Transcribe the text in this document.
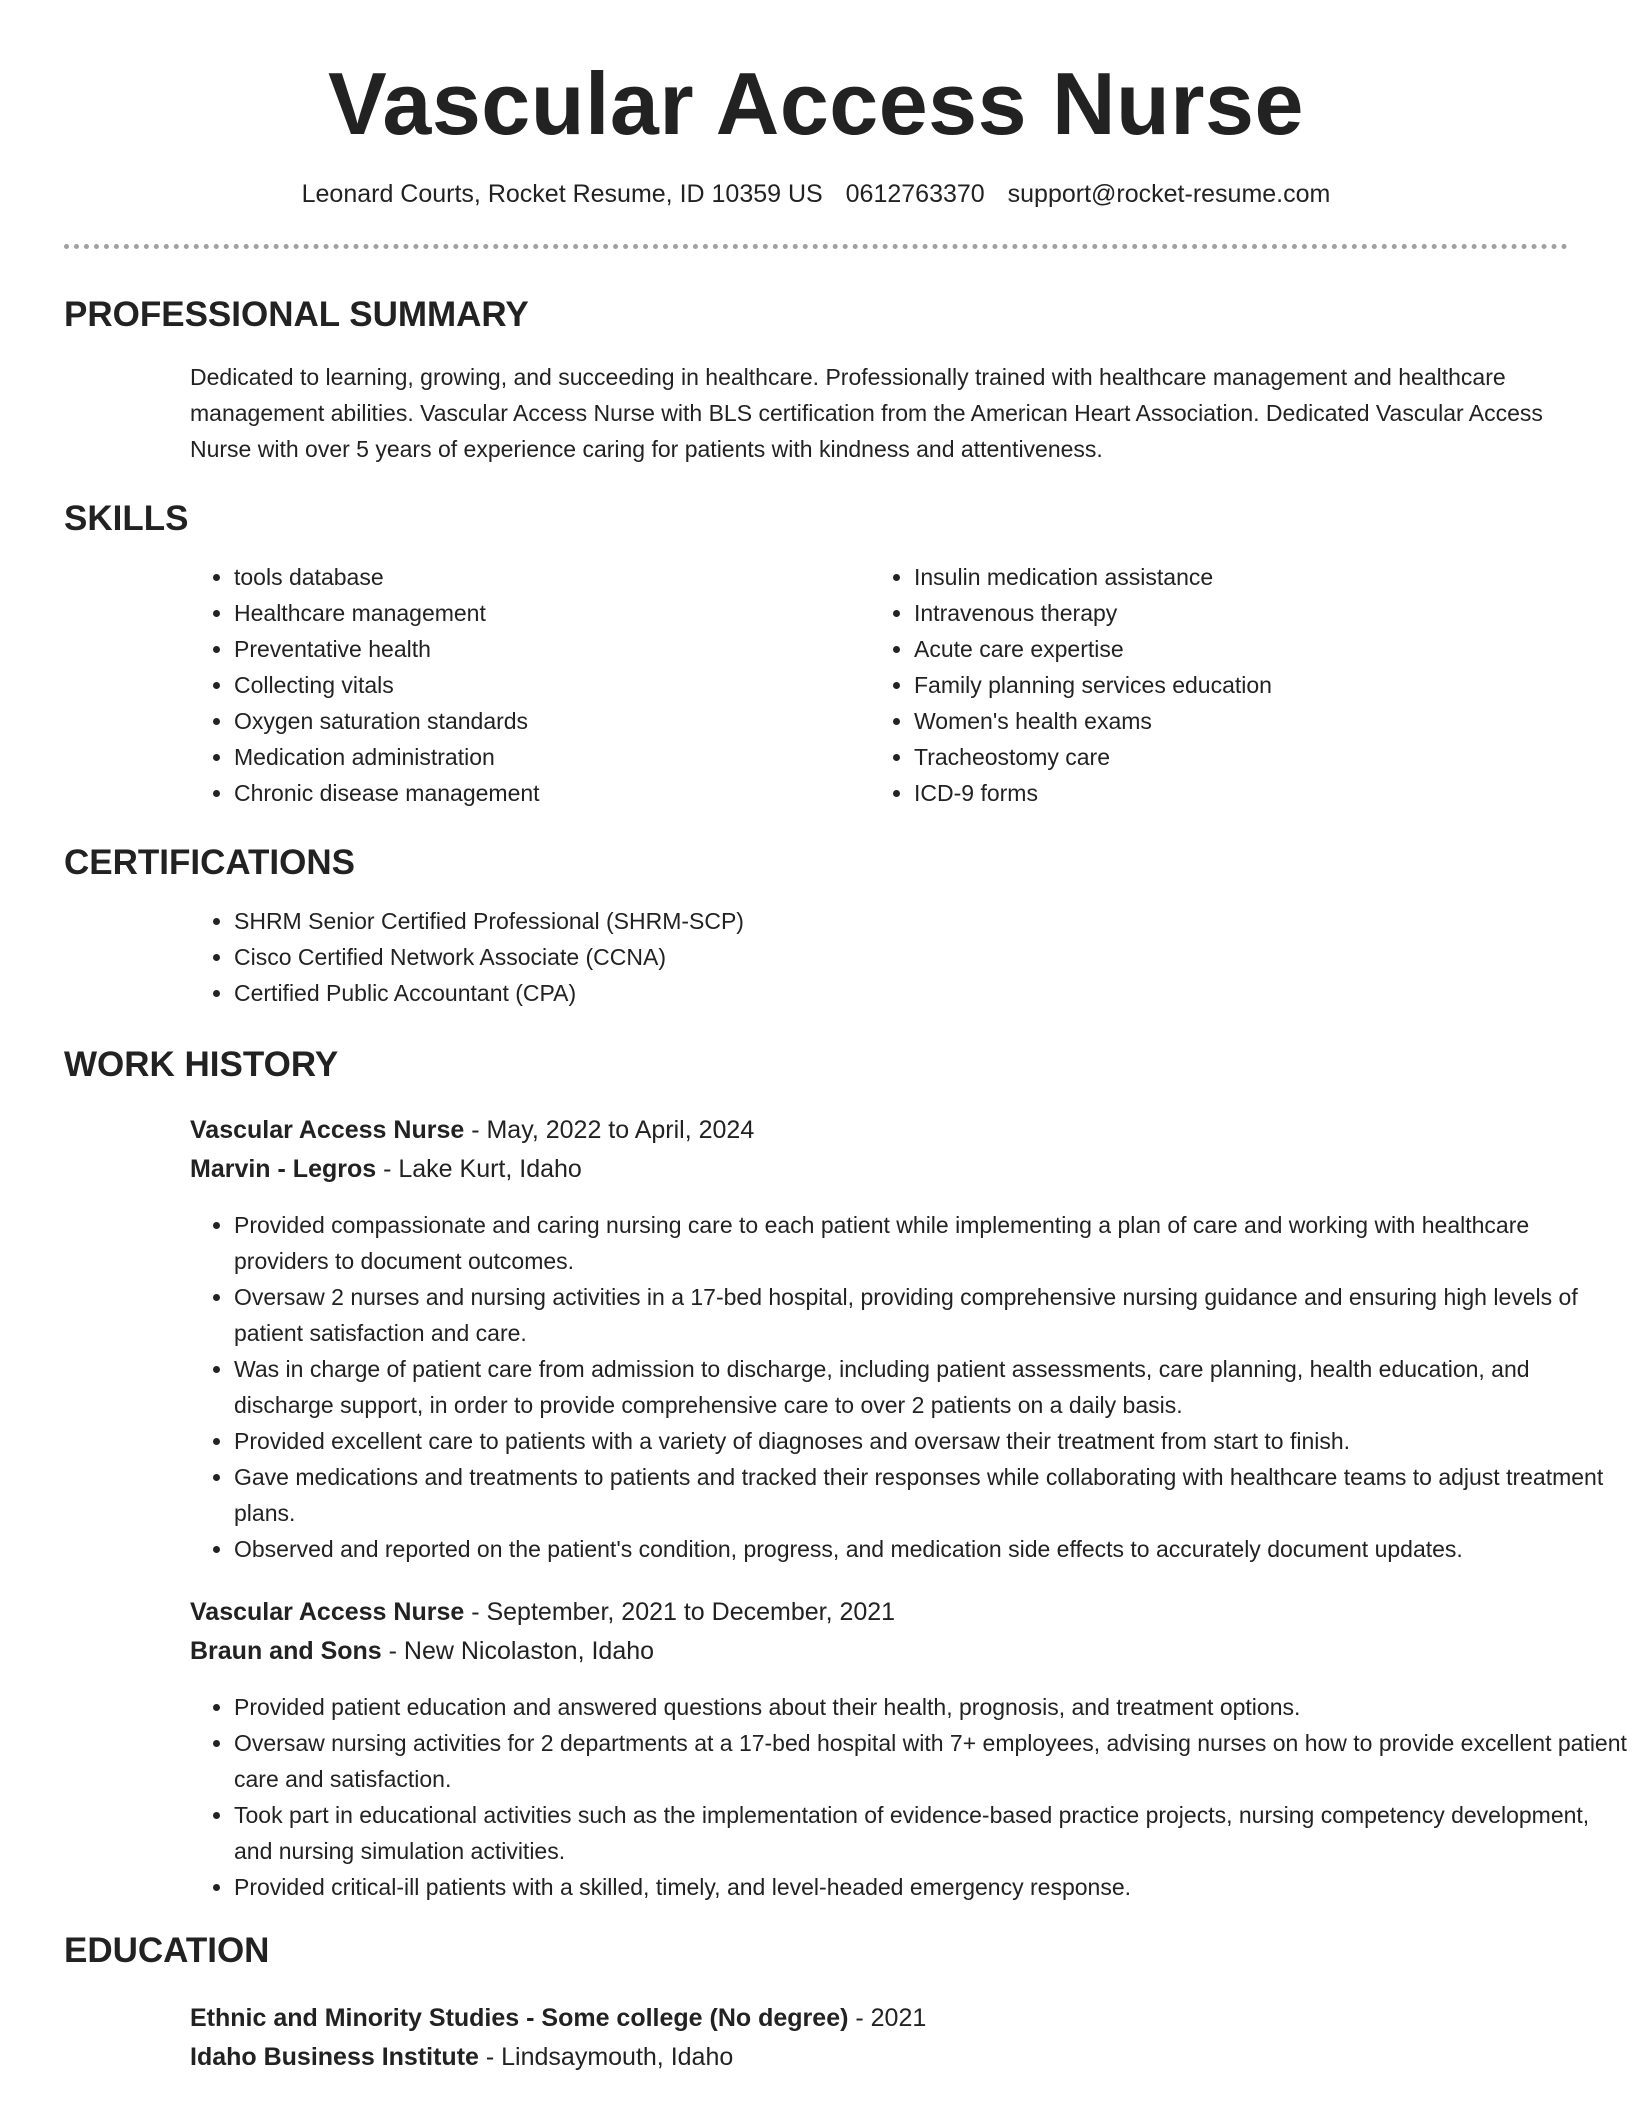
Vascular Access Nurse
Leonard Courts, Rocket Resume, ID 10359 US 0612763370 support@rocket-resume.com
PROFESSIONAL SUMMARY

Dedicated to learning, growing, and succeeding in healthcare. Professionally trained with healthcare management and healthcare management abilities. Vascular Access Nurse with BLS certification from the American Heart Association. Dedicated Vascular Access Nurse with over 5 years of experience caring for patients with kindness and attentiveness.

SKILLS
• tools database
• Healthcare management
• Preventative health
• Collecting vitals
• Oxygen saturation standards
• Medication administration
• Chronic disease management
• Insulin medication assistance
• Intravenous therapy
• Acute care expertise
• Family planning services education
• Women's health exams
• Tracheostomy care
• ICD-9 forms
CERTIFICATIONS
• SHRM Senior Certified Professional (SHRM-SCP)
• Cisco Certified Network Associate (CCNA)
• Certified Public Accountant (CPA)
WORK HISTORY
Vascular Access Nurse - May, 2022 to April, 2024
Marvin - Legros - Lake Kurt, Idaho
• Provided compassionate and caring nursing care to each patient while implementing a plan of care and working with healthcare providers to document outcomes.
• Oversaw 2 nurses and nursing activities in a 17-bed hospital, providing comprehensive nursing guidance and ensuring high levels of patient satisfaction and care.
• Was in charge of patient care from admission to discharge, including patient assessments, care planning, health education, and discharge support, in order to provide comprehensive care to over 2 patients on a daily basis.
• Provided excellent care to patients with a variety of diagnoses and oversaw their treatment from start to finish.
• Gave medications and treatments to patients and tracked their responses while collaborating with healthcare teams to adjust treatment plans.
• Observed and reported on the patient's condition, progress, and medication side effects to accurately document updates.
Vascular Access Nurse - September, 2021 to December, 2021
Braun and Sons - New Nicolaston, Idaho
• Provided patient education and answered questions about their health, prognosis, and treatment options.
• Oversaw nursing activities for 2 departments at a 17-bed hospital with 7+ employees, advising nurses on how to provide excellent patient care and satisfaction.
• Took part in educational activities such as the implementation of evidence-based practice projects, nursing competency development, and nursing simulation activities.
• Provided critical-ill patients with a skilled, timely, and level-headed emergency response.
EDUCATION
Ethnic and Minority Studies - Some college (No degree) - 2021
Idaho Business Institute - Lindsaymouth, Idaho
